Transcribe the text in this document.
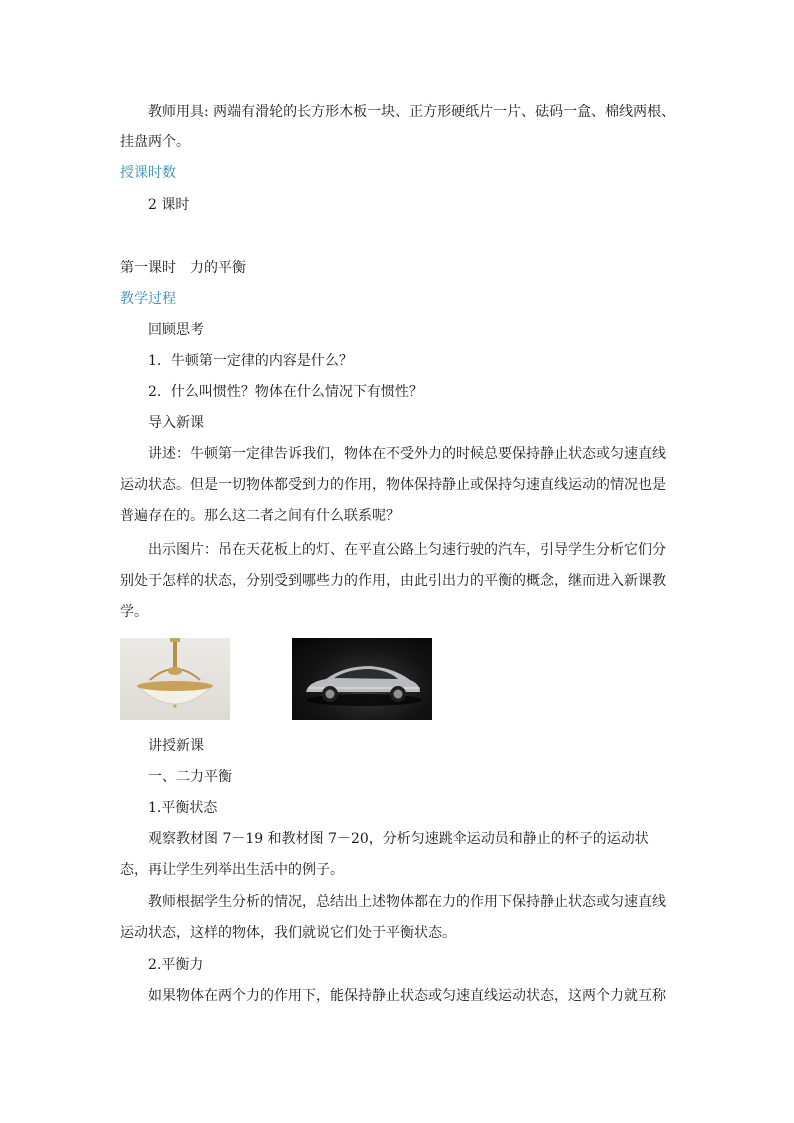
教师用具: 两端有滑轮的长方形木板一块、正方形硬纸片一片、砝码一盒、棉线两根、

挂盘两个。

授课时数

2 课时

第一课时　力的平衡

教学过程

回顾思考

1．牛顿第一定律的内容是什么？

2．什么叫惯性？物体在什么情况下有惯性？

导入新课

讲述：牛顿第一定律告诉我们，物体在不受外力的时候总要保持静止状态或匀速直线运动状态。但是一切物体都受到力的作用，物体保持静止或保持匀速直线运动的情况也是普遍存在的。那么这二者之间有什么联系呢？

出示图片：吊在天花板上的灯、在平直公路上匀速行驶的汽车，引导学生分析它们分别处于怎样的状态，分别受到哪些力的作用，由此引出力的平衡的概念，继而进入新课教学。

讲授新课

一、二力平衡

1.平衡状态

观察教材图 7－19 和教材图 7－20，分析匀速跳伞运动员和静止的杯子的运动状态，再让学生列举出生活中的例子。

教师根据学生分析的情况，总结出上述物体都在力的作用下保持静止状态或匀速直线运动状态，这样的物体，我们就说它们处于平衡状态。

2.平衡力

如果物体在两个力的作用下，能保持静止状态或匀速直线运动状态，这两个力就互称
